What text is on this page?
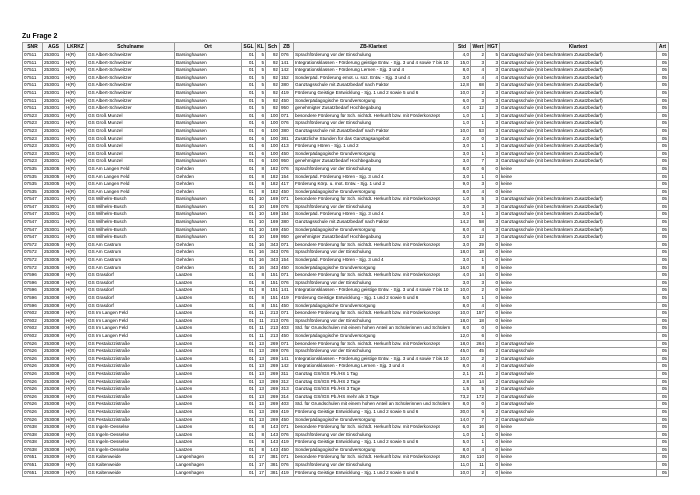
Zu Frage 2
SNR	AGS	LKRKZ	Schulname	Ort	SGL	KL	Sch	ZB	ZB-Klartext	Std	Wert	HGT	Klartext	Art
07511	253001	H(R)	GS Albert-Schweitzer	Barsinghausen	01	5	92	076	Sprachförderung vor der Einschulung	4,0	2	5	Ganztagsschule (mit beschränktem Zusatzbedarf)	05
07511	253001	H(R)	GS Albert-Schweitzer	Barsinghausen	01	5	92	141	Integrationsklassen - Förderung geistige Entw. - Sjg. 3 und 4 sowie 7 bis 10	15,0	3	3	Ganztagsschule (mit beschränktem Zusatzbedarf)	05
07511	253001	H(R)	GS Albert-Schweitzer	Barsinghausen	01	5	92	142	Integrationsklassen - Förderung Lernen - Sjg. 3 und 4	8,0	4	3	Ganztagsschule (mit beschränktem Zusatzbedarf)	05
07511	253001	H(R)	GS Albert-Schweitzer	Barsinghausen	01	5	92	152	Sonderpäd. Förderung emot. u. soz. Entw. - Sjg. 3 und 4	3,0	4	4	Ganztagsschule (mit beschränktem Zusatzbedarf)	05
07511	253001	H(R)	GS Albert-Schweitzer	Barsinghausen	01	5	92	380	Ganztagsschule mit Zusatzbedarf nach Faktor	12,8	68	3	Ganztagsschule (mit beschränktem Zusatzbedarf)	05
07511	253001	H(R)	GS Albert-Schweitzer	Barsinghausen	01	5	92	419	Förderung Geistige Entwicklung - Sjg. 1 und 2 sowie 5 und 6	10,0	2	3	Ganztagsschule (mit beschränktem Zusatzbedarf)	05
07511	253001	H(R)	GS Albert-Schweitzer	Barsinghausen	01	5	92	450	Sonderpädagogische Grundversorgung	6,0	3	3	Ganztagsschule (mit beschränktem Zusatzbedarf)	05
07511	253001	H(R)	GS Albert-Schweitzer	Barsinghausen	01	5	92	950	genehmigter Zusatzbedarf Hochbegabung	4,0	12	3	Ganztagsschule (mit beschränktem Zusatzbedarf)	05
07523	253001	H(R)	GS Groß Munzel	Barsinghausen	01	6	100	071	besondere Förderung für Sch. nichtdt. Herkunft bzw. mit Förderkonzept	1,0	1	3	Ganztagsschule (mit beschränktem Zusatzbedarf)	05
07523	253001	H(R)	GS Groß Munzel	Barsinghausen	01	6	100	076	Sprachförderung vor der Einschulung	1,0	1	3	Ganztagsschule (mit beschränktem Zusatzbedarf)	05
07523	253001	H(R)	GS Groß Munzel	Barsinghausen	01	6	100	380	Ganztagsschule mit Zusatzbedarf nach Faktor	10,0	53	3	Ganztagsschule (mit beschränktem Zusatzbedarf)	05
07523	253001	H(R)	GS Groß Munzel	Barsinghausen	01	6	100	381	Zusätzliche Stunden für das Ganztagsangebot	2,0	0	3	Ganztagsschule (mit beschränktem Zusatzbedarf)	05
07523	253001	H(R)	GS Groß Munzel	Barsinghausen	01	6	100	413	Förderung Hören - Sjg. 1 und 2	3,0	1	3	Ganztagsschule (mit beschränktem Zusatzbedarf)	05
07523	253001	H(R)	GS Groß Munzel	Barsinghausen	01	6	100	450	Sonderpädagogische Grundversorgung	3,0	1	3	Ganztagsschule (mit beschränktem Zusatzbedarf)	05
07523	253001	H(R)	GS Groß Munzel	Barsinghausen	01	6	100	950	genehmigter Zusatzbedarf Hochbegabung	3,0	7	3	Ganztagsschule (mit beschränktem Zusatzbedarf)	05
07535	253005	H(R)	GS Am Langen Feld	Gehrden	01	8	182	076	Sprachförderung vor der Einschulung	8,0	6	0	keine	05
07535	253005	H(R)	GS Am Langen Feld	Gehrden	01	8	182	154	Sonderpäd. Förderung Hören - Sjg. 3 und 4	3,0	1	0	keine	05
07535	253005	H(R)	GS Am Langen Feld	Gehrden	01	8	182	417	Förderung Körp. u. mot. Entw. - Sjg. 1 und 2	9,0	3	0	keine	05
07535	253005	H(R)	GS Am Langen Feld	Gehrden	01	8	182	450	Sonderpädagogische Grundversorgung	8,0	4	0	keine	05
07547	253001	H(R)	GS Wilhelm-Busch	Barsinghausen	01	10	169	071	besondere Förderung für Sch. nichtdt. Herkunft bzw. mit Förderkonzept	1,0	5	3	Ganztagsschule (mit beschränktem Zusatzbedarf)	05
07547	253001	H(R)	GS Wilhelm-Busch	Barsinghausen	01	10	169	076	Sprachförderung vor der Einschulung	3,0	3	3	Ganztagsschule (mit beschränktem Zusatzbedarf)	05
07547	253001	H(R)	GS Wilhelm-Busch	Barsinghausen	01	10	169	154	Sonderpäd. Förderung Hören - Sjg. 3 und 4	3,0	1	3	Ganztagsschule (mit beschränktem Zusatzbedarf)	05
07547	253001	H(R)	GS Wilhelm-Busch	Barsinghausen	01	10	169	380	Ganztagsschule mit Zusatzbedarf nach Faktor	14,2	58	3	Ganztagsschule (mit beschränktem Zusatzbedarf)	05
07547	253001	H(R)	GS Wilhelm-Busch	Barsinghausen	01	10	169	450	Sonderpädagogische Grundversorgung	8,0	4	3	Ganztagsschule (mit beschränktem Zusatzbedarf)	05
07547	253001	H(R)	GS Wilhelm-Busch	Barsinghausen	01	10	169	950	genehmigter Zusatzbedarf Hochbegabung	3,0	12	3	Ganztagsschule (mit beschränktem Zusatzbedarf)	05
07572	253005	H(R)	GS Am Castrum	Gehrden	01	16	343	071	besondere Förderung für Sch. nichtdt. Herkunft bzw. mit Förderkonzept	3,0	29	0	keine	05
07572	253005	H(R)	GS Am Castrum	Gehrden	01	16	343	076	Sprachförderung vor der Einschulung	18,0	18	0	keine	05
07572	253005	H(R)	GS Am Castrum	Gehrden	01	16	343	154	Sonderpäd. Förderung Hören - Sjg. 3 und 4	3,0	1	0	keine	05
07572	253005	H(R)	GS Am Castrum	Gehrden	01	16	343	450	Sonderpädagogische Grundversorgung	16,0	8	0	keine	05
07596	253008	H(R)	GS Grasdorf	Laatzen	01	8	151	071	besondere Förderung für Sch. nichtdt. Herkunft bzw. mit Förderkonzept	4,0	14	0	keine	05
07596	253008	H(R)	GS Grasdorf	Laatzen	01	8	151	076	Sprachförderung vor der Einschulung	3,0	3	0	keine	05
07596	253008	H(R)	GS Grasdorf	Laatzen	01	8	151	141	Integrationsklassen - Förderung geistige Entw. - Sjg. 3 und 4 sowie 7 bis 10	10,0	2	0	keine	05
07596	253008	H(R)	GS Grasdorf	Laatzen	01	8	151	419	Förderung Geistige Entwicklung - Sjg. 1 und 2 sowie 5 und 6	5,0	1	0	keine	05
07596	253008	H(R)	GS Grasdorf	Laatzen	01	8	151	450	Sonderpädagogische Grundversorgung	8,0	4	0	keine	05
07602	253008	H(R)	GS Im Langen Feld	Laatzen	01	11	213	071	besondere Förderung für Sch. nichtdt. Herkunft bzw. mit Förderkonzept	10,0	157	0	keine	05
07602	253008	H(R)	GS Im Langen Feld	Laatzen	01	11	213	076	Sprachförderung vor der Einschulung	18,0	18	0	keine	05
07602	253008	H(R)	GS Im Langen Feld	Laatzen	01	11	213	403	Std. für Grundschulen mit einem hohen Anteil an Schülerinnen und Schülern	8,0	0	0	keine	05
07602	253008	H(R)	GS Im Langen Feld	Laatzen	01	11	213	450	Sonderpädagogische Grundversorgung	12,0	6	0	keine	05
07626	253008	H(R)	GS Pestalozzistraße	Laatzen	01	13	269	071	besondere Förderung für Sch. nichtdt. Herkunft bzw. mit Förderkonzept	18,0	264	2	Ganztagsschule	05
07626	253008	H(R)	GS Pestalozzistraße	Laatzen	01	13	269	076	Sprachförderung vor der Einschulung	45,0	45	2	Ganztagsschule	05
07626	253008	H(R)	GS Pestalozzistraße	Laatzen	01	13	269	141	Integrationsklassen - Förderung geistige Entw. - Sjg. 3 und 4 sowie 7 bis 10	10,0	2	2	Ganztagsschule	05
07626	253008	H(R)	GS Pestalozzistraße	Laatzen	01	13	269	142	Integrationsklassen - Förderung Lernen - Sjg. 3 und 4	8,0	4	2	Ganztagsschule	05
07626	253008	H(R)	GS Pestalozzistraße	Laatzen	01	13	269	311	Ganztag GS/IGS Pb./HS 1 Tag	2,1	21	2	Ganztagsschule	05
07626	253008	H(R)	GS Pestalozzistraße	Laatzen	01	13	269	312	Ganztag GS/IGS Pb./HS 2 Tage	2,8	14	2	Ganztagsschule	05
07626	253008	H(R)	GS Pestalozzistraße	Laatzen	01	13	269	313	Ganztag GS/IGS Pb./HS 3 Tage	1,5	5	2	Ganztagsschule	05
07626	253008	H(R)	GS Pestalozzistraße	Laatzen	01	13	269	314	Ganztag GS/IGS Pb./HS mehr als 3 Tage	73,2	172	2	Ganztagsschule	05
07626	253008	H(R)	GS Pestalozzistraße	Laatzen	01	13	269	403	Std. für Grundschulen mit einem hohen Anteil an Schülerinnen und Schülern	8,0	0	2	Ganztagsschule	05
07626	253008	H(R)	GS Pestalozzistraße	Laatzen	01	13	269	419	Förderung Geistige Entwicklung - Sjg. 1 und 2 sowie 5 und 6	30,0	6	2	Ganztagsschule	05
07626	253008	H(R)	GS Pestalozzistraße	Laatzen	01	13	269	450	Sonderpädagogische Grundversorgung	14,0	7	2	Ganztagsschule	05
07638	253008	H(R)	GS Ingeln-Oesselse	Laatzen	01	8	143	071	besondere Förderung für Sch. nichtdt. Herkunft bzw. mit Förderkonzept	6,0	16	0	keine	05
07638	253008	H(R)	GS Ingeln-Oesselse	Laatzen	01	8	143	076	Sprachförderung vor der Einschulung	1,0	1	0	keine	05
07638	253008	H(R)	GS Ingeln-Oesselse	Laatzen	01	8	143	419	Förderung Geistige Entwicklung - Sjg. 1 und 2 sowie 5 und 6	5,0	1	0	keine	05
07638	253008	H(R)	GS Ingeln-Oesselse	Laatzen	01	8	143	450	Sonderpädagogische Grundversorgung	8,0	4	0	keine	05
07651	253009	H(R)	GS Kaltenweide	Langenhagen	01	17	381	071	besondere Förderung für Sch. nichtdt. Herkunft bzw. mit Förderkonzept	38,0	110	0	keine	05
07651	253009	H(R)	GS Kaltenweide	Langenhagen	01	17	381	076	Sprachförderung vor der Einschulung	11,0	11	0	keine	05
07651	253009	H(R)	GS Kaltenweide	Langenhagen	01	17	381	419	Förderung Geistige Entwicklung - Sjg. 1 und 2 sowie 5 und 6	10,0	2	0	keine	05
